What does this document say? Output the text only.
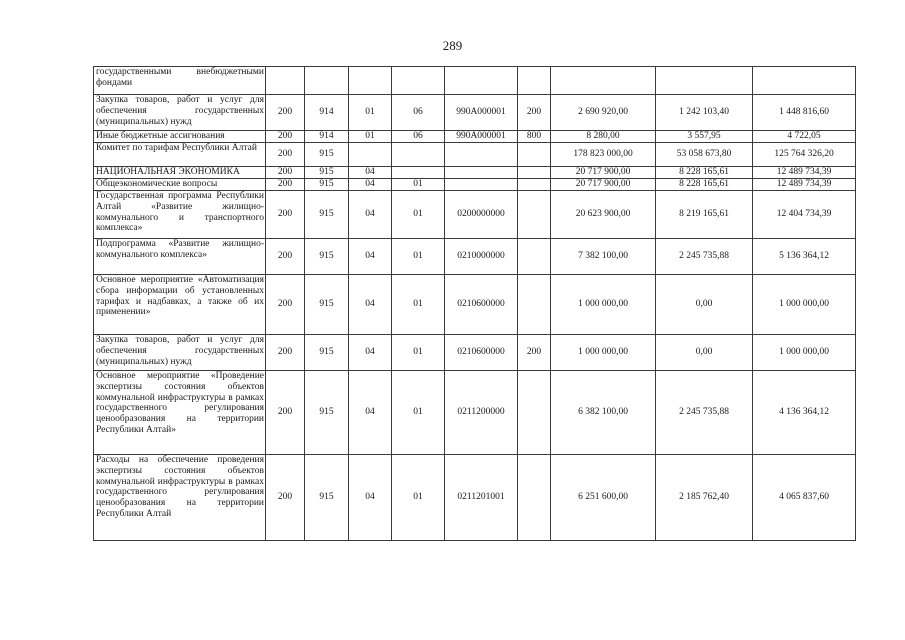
289
государственными внебюджетными фондами									
Закупка товаров, работ и услуг для обеспечения государственных (муниципальных) нужд	200	914	01	06	990А000001	200	2 690 920,00	1 242 103,40	1 448 816,60
Иные бюджетные ассигнования	200	914	01	06	990А000001	800	8 280,00	3 557,95	4 722,05
Комитет по тарифам Республики Алтай	200	915					178 823 000,00	53 058 673,80	125 764 326,20
НАЦИОНАЛЬНАЯ ЭКОНОМИКА	200	915	04				20 717 900,00	8 228 165,61	12 489 734,39
Общеэкономические вопросы	200	915	04	01			20 717 900,00	8 228 165,61	12 489 734,39
Государственная программа Республики Алтай «Развитие жилищно-коммунального и транспортного комплекса»	200	915	04	01	0200000000		20 623 900,00	8 219 165,61	12 404 734,39
Подпрограмма «Развитие жилищно-коммунального комплекса»	200	915	04	01	0210000000		7 382 100,00	2 245 735,88	5 136 364,12
Основное мероприятие «Автоматизация сбора информации об установленных тарифах и надбавках, а также об их применении»	200	915	04	01	0210600000		1 000 000,00	0,00	1 000 000,00
Закупка товаров, работ и услуг для обеспечения государственных (муниципальных) нужд	200	915	04	01	0210600000	200	1 000 000,00	0,00	1 000 000,00
Основное мероприятие «Проведение экспертизы состояния объектов коммунальной инфраструктуры в рамках государственного регулирования ценообразования на территории Республики Алтай»	200	915	04	01	0211200000		6 382 100,00	2 245 735,88	4 136 364,12
Расходы на обеспечение проведения экспертизы состояния объектов коммунальной инфраструктуры в рамках государственного регулирования ценообразования на территории Республики Алтай	200	915	04	01	0211201001		6 251 600,00	2 185 762,40	4 065 837,60
